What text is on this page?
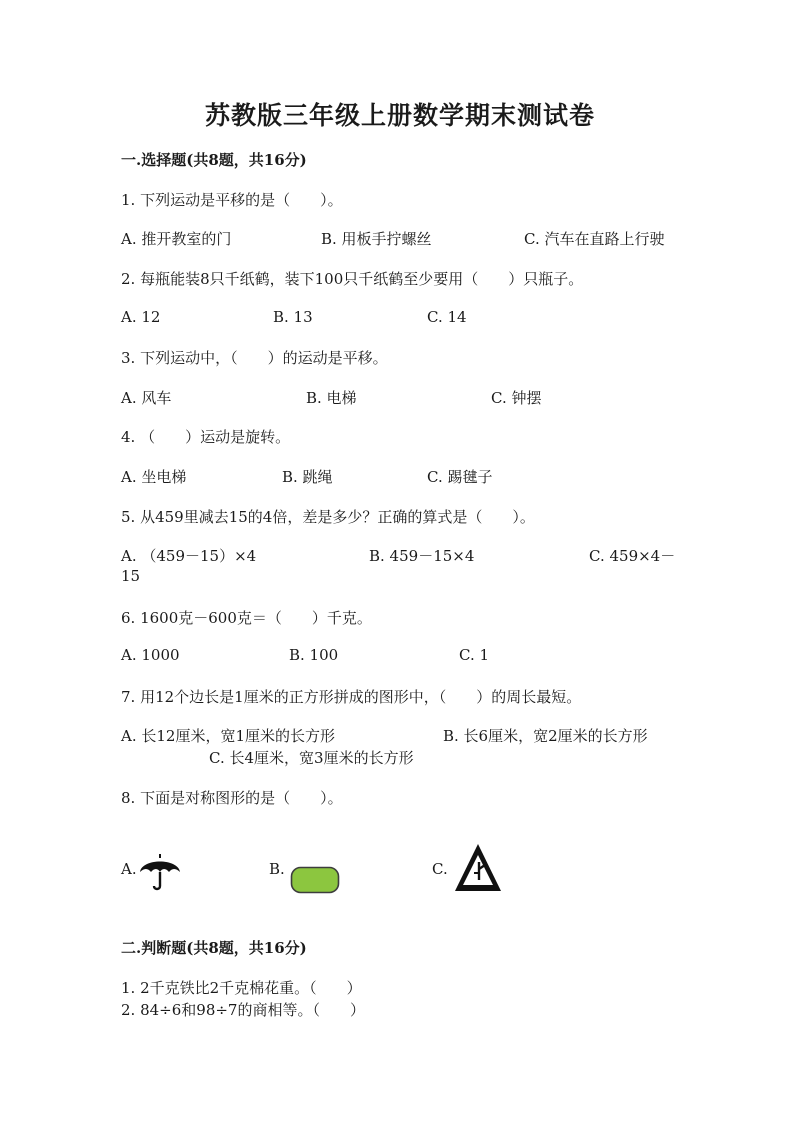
苏教版三年级上册数学期末测试卷
一.选择题(共8题，共16分)
1. 下列运动是平移的是（　　）。
A. 推开教室的门	B. 用板手拧螺丝	C. 汽车在直路上行驶
2. 每瓶能装8只千纸鹤，装下100只千纸鹤至少要用（　　）只瓶子。
A. 12	B. 13	C. 14
3. 下列运动中，（　　）的运动是平移。
A. 风车	B. 电梯	C. 钟摆
4. （　　）运动是旋转。
A. 坐电梯	B. 跳绳	C. 踢毽子
5. 从459里减去15的4倍，差是多少？正确的算式是（　　）。
A. （459－15）×4	B. 459－15×4	C. 459×4－
15
6. 1600克－600克＝（　　）千克。
A. 1000	B. 100	C. 1
7. 用12个边长是1厘米的正方形拼成的图形中，（　　）的周长最短。
A. 长12厘米，宽1厘米的长方形	B. 长6厘米，宽2厘米的长方形
C. 长4厘米，宽3厘米的长方形
8. 下面是对称图形的是（　　）。
A.	B.	C.
二.判断题(共8题，共16分)
1. 2千克铁比2千克棉花重。（　　）
2. 84÷6和98÷7的商相等。（　　）
